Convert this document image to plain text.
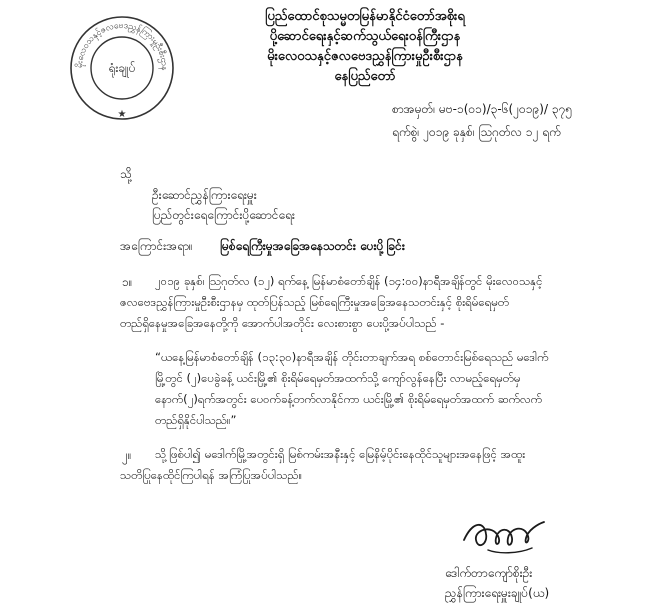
မိုးလေဝသနှင့်ဇလဗေဒညွှန်ကြားမှုဦးစီးဌာန
ရုံးချုပ်
★
ပြည်ထောင်စုသမ္မတမြန်မာနိုင်ငံတော်အစိုးရ
ပို့ဆောင်ရေးနှင့်ဆက်သွယ်ရေးဝန်ကြီးဌာန
မိုးလေဝသနှင့်ဇလဗေဒညွှန်ကြားမှုဦးစီးဌာန
နေပြည်တော်
စာအမှတ်၊ မဗ-၁(၀၁)/၃-၆(၂၀၁၉)/ ၃၇၅
ရက်စွဲ၊ ၂၀၁၉ ခုနှစ်၊ ဩဂုတ်လ ၁၂ ရက်
သို့
ဦးဆောင်ညွှန်ကြားရေးမှူး
ပြည်တွင်းရေကြောင်းပို့ဆောင်ရေး
အကြောင်းအရာ။ မြစ်ရေကြီးမှုအခြေအနေသတင်း ပေးပို့ခြင်း
၁။ ၂၀၁၉ ခုနှစ်၊ ဩဂုတ်လ (၁၂) ရက်နေ့ မြန်မာစံတော်ချိန် (၁၄:၀၀)နာရီအချိန်တွင် မိုးလေဝသနှင့်
ဇလဗေဒညွှန်ကြားမှုဦးစီးဌာနမှ ထုတ်ပြန်သည့် မြစ်ရေကြီးမှုအခြေအနေသတင်းနှင့် စိုးရိမ်ရေမှတ်
တည်ရှိနေမှုအခြေအနေတို့ကို အောက်ပါအတိုင်း လေးစားစွာ ပေးပို့အပ်ပါသည် -
“ယနေ့မြန်မာစံတော်ချိန် (၁၃:၃၀)နာရီအချိန် တိုင်းတာချက်အရ စစ်တောင်းမြစ်ရေသည် မဒေါက်
မြို့တွင် (၂)ပေခွဲခန့် ယင်းမြို့၏ စိုးရိမ်ရေမှတ်အထက်သို့ ကျော်လွန်နေပြီး လာမည့်ရေမှတ်မှ
နောက်(၂)ရက်အတွင်း ပေဝက်ခန့်တက်လာနိုင်ကာ ယင်းမြို့၏ စိုးရိမ်ရေမှတ်အထက် ဆက်လက်
တည်ရှိနိုင်ပါသည်။”
၂။ သို့ဖြစ်ပါ၍ မဒေါက်မြို့အတွင်းရှိ မြစ်ကမ်းအနီးနှင့် မြေနိမ့်ပိုင်းနေထိုင်သူများအနေဖြင့် အထူး
သတိပြုနေထိုင်ကြပါရန် အကြံပြုအပ်ပါသည်။
ဒေါက်တာကျော်စိုးဦး
ညွှန်ကြားရေးမှူးချုပ်(ယ)
